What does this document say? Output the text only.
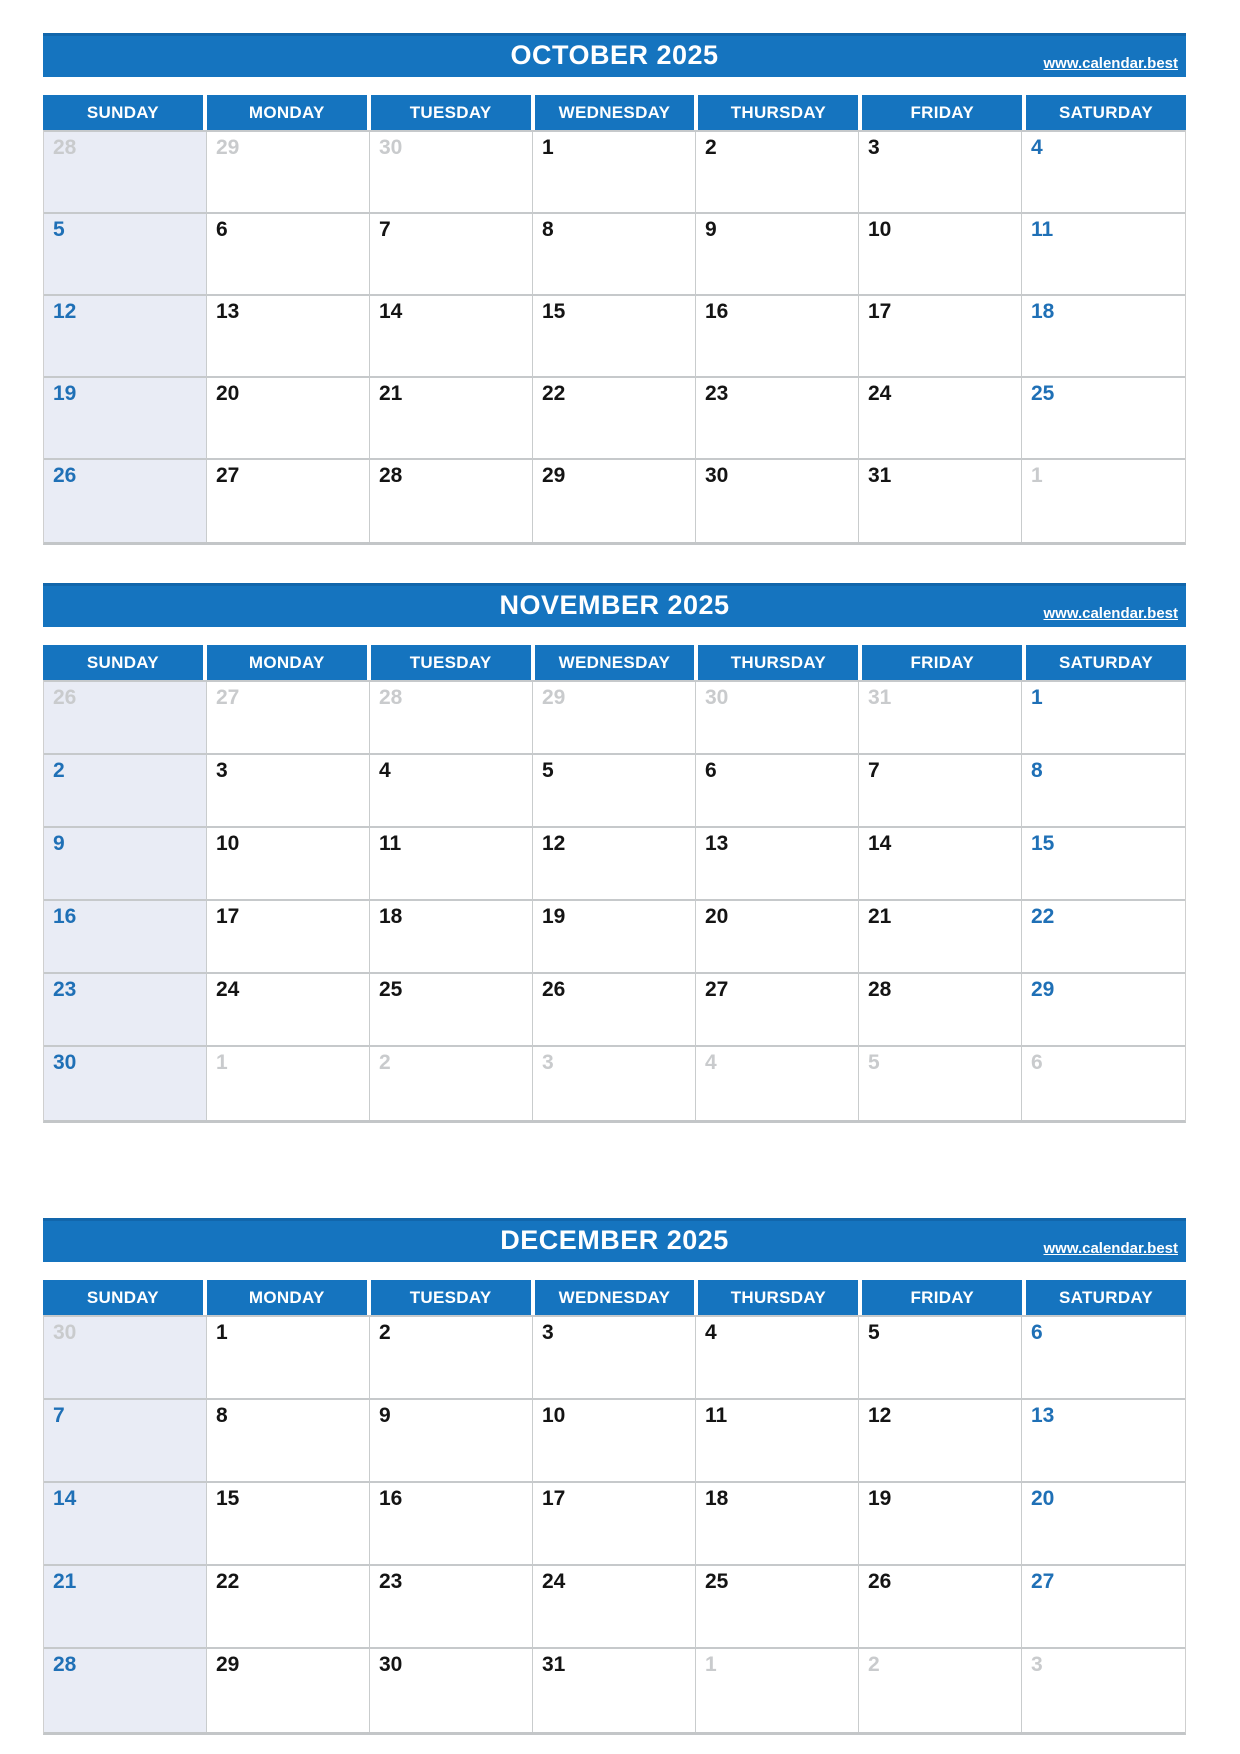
OCTOBER 2025	www.calendar.best
SUNDAY	MONDAY	TUESDAY	WEDNESDAY	THURSDAY	FRIDAY	SATURDAY
28	29	30	1	2	3	4
5	6	7	8	9	10	11
12	13	14	15	16	17	18
19	20	21	22	23	24	25
26	27	28	29	30	31	1
NOVEMBER 2025	www.calendar.best
SUNDAY	MONDAY	TUESDAY	WEDNESDAY	THURSDAY	FRIDAY	SATURDAY
26	27	28	29	30	31	1
2	3	4	5	6	7	8
9	10	11	12	13	14	15
16	17	18	19	20	21	22
23	24	25	26	27	28	29
30	1	2	3	4	5	6
DECEMBER 2025	www.calendar.best
SUNDAY	MONDAY	TUESDAY	WEDNESDAY	THURSDAY	FRIDAY	SATURDAY
30	1	2	3	4	5	6
7	8	9	10	11	12	13
14	15	16	17	18	19	20
21	22	23	24	25	26	27
28	29	30	31	1	2	3
